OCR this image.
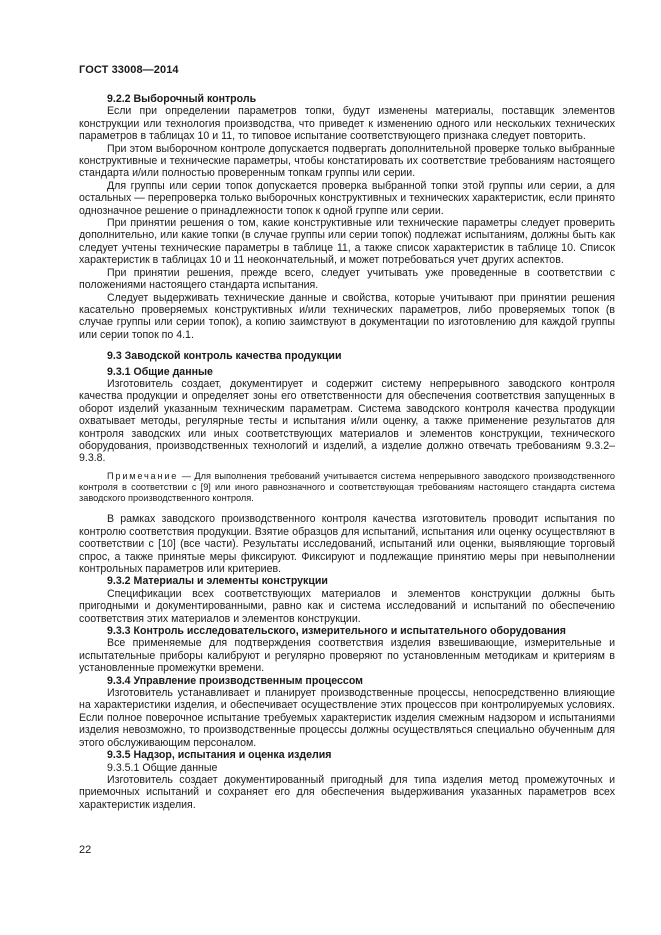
ГОСТ 33008—2014

9.2.2 Выборочный контроль

Если при определении параметров топки, будут изменены материалы, поставщик элементов конструкции или технология производства, что приведет к изменению одного или нескольких технических параметров в таблицах 10 и 11, то типовое испытание соответствующего признака следует повторить.

При этом выборочном контроле допускается подвергать дополнительной проверке только выбранные конструктивные и технические параметры, чтобы констатировать их соответствие требованиям настоящего стандарта и/или полностью проверенным топкам группы или серии.

Для группы или серии топок допускается проверка выбранной топки этой группы или серии, а для остальных — перепроверка только выборочных конструктивных и технических характеристик, если принято однозначное решение о принадлежности топок к одной группе или серии.

При принятии решения о том, какие конструктивные или технические параметры следует проверить дополнительно, или какие топки (в случае группы или серии топок) подлежат испытаниям, должны быть как следует учтены технические параметры в таблице 11, а также список характеристик в таблице 10. Список характеристик в таблицах 10 и 11 неокончательный, и может потребоваться учет других аспектов.

При принятии решения, прежде всего, следует учитывать уже проведенные в соответствии с положениями настоящего стандарта испытания.

Следует выдерживать технические данные и свойства, которые учитывают при принятии решения касательно проверяемых конструктивных и/или технических параметров, либо проверяемых топок (в случае группы или серии топок), а копию заимствуют в документации по изготовлению для каждой группы или серии топок по 4.1.

9.3 Заводской контроль качества продукции

9.3.1 Общие данные

Изготовитель создает, документирует и содержит систему непрерывного заводского контроля качества продукции и определяет зоны его ответственности для обеспечения соответствия запущенных в оборот изделий указанным техническим параметрам. Система заводского контроля качества продукции охватывает методы, регулярные тесты и испытания и/или оценку, а также применение результатов для контроля заводских или иных соответствующих материалов и элементов конструкции, технического оборудования, производственных технологий и изделий, а изделие должно отвечать требованиям 9.3.2–9.3.8.

Примечание — Для выполнения требований учитывается система непрерывного заводского производственного контроля в соответствии с [9] или иного равнозначного и соответствующая требованиям настоящего стандарта система заводского производственного контроля.

В рамках заводского производственного контроля качества изготовитель проводит испытания по контролю соответствия продукции. Взятие образцов для испытаний, испытания или оценку осуществляют в соответствии с [10] (все части). Результаты исследований, испытаний или оценки, выявляющие торговый спрос, а также принятые меры фиксируют. Фиксируют и подлежащие принятию меры при невыполнении контрольных параметров или критериев.

9.3.2 Материалы и элементы конструкции

Спецификации всех соответствующих материалов и элементов конструкции должны быть пригодными и документированными, равно как и система исследований и испытаний по обеспечению соответствия этих материалов и элементов конструкции.

9.3.3 Контроль исследовательского, измерительного и испытательного оборудования

Все применяемые для подтверждения соответствия изделия взвешивающие, измерительные и испытательные приборы калибруют и регулярно проверяют по установленным методикам и критериям в установленные промежутки времени.

9.3.4 Управление производственным процессом

Изготовитель устанавливает и планирует производственные процессы, непосредственно влияющие на характеристики изделия, и обеспечивает осуществление этих процессов при контролируемых условиях. Если полное поверочное испытание требуемых характеристик изделия смежным надзором и испытаниями изделия невозможно, то производственные процессы должны осуществляться специально обученным для этого обслуживающим персоналом.

9.3.5 Надзор, испытания и оценка изделия

9.3.5.1 Общие данные

Изготовитель создает документированный пригодный для типа изделия метод промежуточных и приемочных испытаний и сохраняет его для обеспечения выдерживания указанных параметров всех характеристик изделия.

22
